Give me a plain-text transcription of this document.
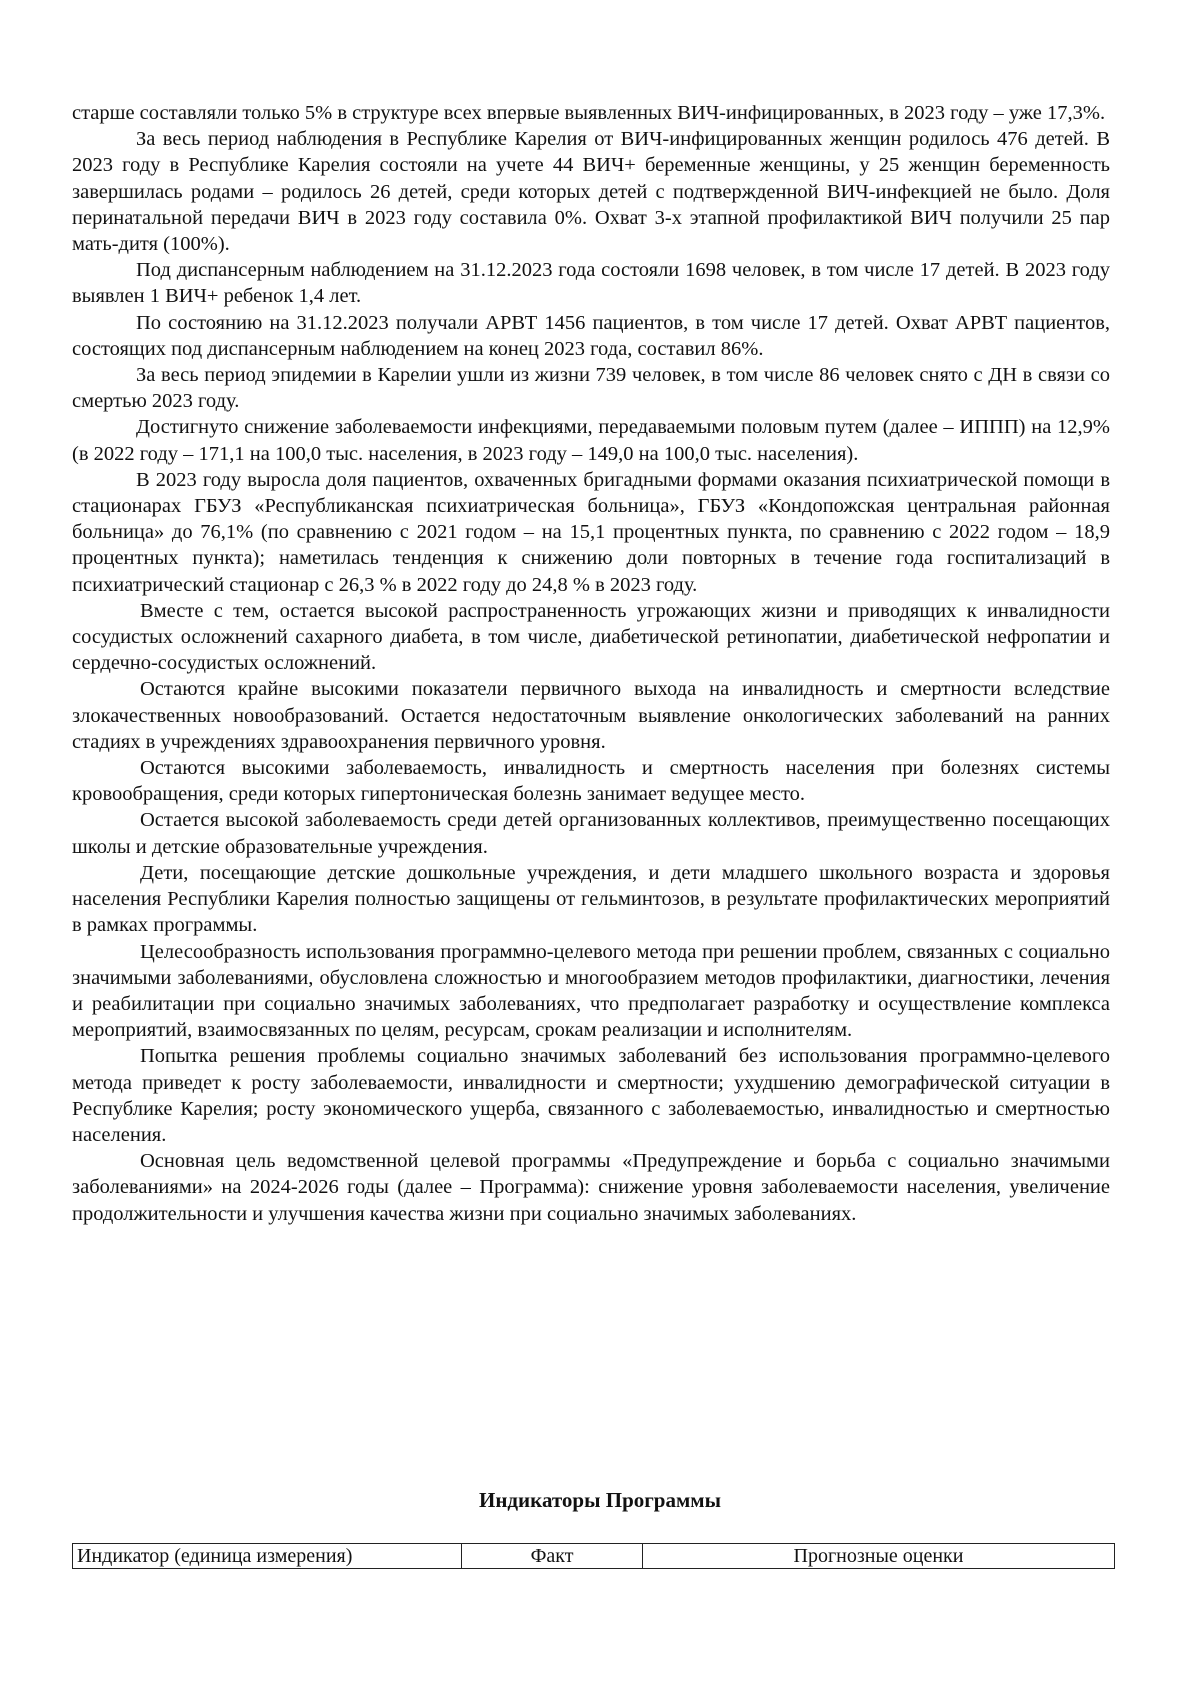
старше составляли только 5% в структуре всех впервые выявленных ВИЧ-инфицированных, в 2023 году – уже 17,3%.

За весь период наблюдения в Республике Карелия от ВИЧ-инфицированных женщин родилось 476 детей. В 2023 году в Республике Карелия состояли на учете 44 ВИЧ+ беременные женщины, у 25 женщин беременность завершилась родами – родилось 26 детей, среди которых детей с подтвержденной ВИЧ-инфекцией не было. Доля перинатальной передачи ВИЧ в 2023 году составила 0%. Охват 3-х этапной профилактикой ВИЧ получили 25 пар мать-дитя (100%).

Под диспансерным наблюдением на 31.12.2023 года состояли 1698 человек, в том числе 17 детей. В 2023 году выявлен 1 ВИЧ+ ребенок 1,4 лет.

По состоянию на 31.12.2023 получали АРВТ 1456 пациентов, в том числе 17 детей. Охват АРВТ пациентов, состоящих под диспансерным наблюдением на конец 2023 года, составил 86%.

За весь период эпидемии в Карелии ушли из жизни 739 человек, в том числе 86 человек снято с ДН в связи со смертью 2023 году.

Достигнуто снижение заболеваемости инфекциями, передаваемыми половым путем (далее – ИППП) на 12,9% (в 2022 году – 171,1 на 100,0 тыс. населения, в 2023 году – 149,0 на 100,0 тыс. населения).

В 2023 году выросла доля пациентов, охваченных бригадными формами оказания психиатрической помощи в стационарах ГБУЗ «Республиканская психиатрическая больница», ГБУЗ «Кондопожская центральная районная больница» до 76,1% (по сравнению с 2021 годом – на 15,1 процентных пункта, по сравнению с 2022 годом – 18,9 процентных пункта); наметилась тенденция к снижению доли повторных в течение года госпитализаций в психиатрический стационар с 26,3 % в 2022 году до 24,8 % в 2023 году.

Вместе с тем, остается высокой распространенность угрожающих жизни и приводящих к инвалидности сосудистых осложнений сахарного диабета, в том числе, диабетической ретинопатии, диабетической нефропатии и сердечно-сосудистых осложнений.

Остаются крайне высокими показатели первичного выхода на инвалидность и смертности вследствие злокачественных новообразований. Остается недостаточным выявление онкологических заболеваний на ранних стадиях в учреждениях здравоохранения первичного уровня.

Остаются высокими заболеваемость, инвалидность и смертность населения при болезнях системы кровообращения, среди которых гипертоническая болезнь занимает ведущее место.

Остается высокой заболеваемость среди детей организованных коллективов, преимущественно посещающих школы и детские образовательные учреждения.

Дети, посещающие детские дошкольные учреждения, и дети младшего школьного возраста и здоровья населения Республики Карелия полностью защищены от гельминтозов, в результате профилактических мероприятий в рамках программы.

Целесообразность использования программно-целевого метода при решении проблем, связанных с социально значимыми заболеваниями, обусловлена сложностью и многообразием методов профилактики, диагностики, лечения и реабилитации при социально значимых заболеваниях, что предполагает разработку и осуществление комплекса мероприятий, взаимосвязанных по целям, ресурсам, срокам реализации и исполнителям.

Попытка решения проблемы социально значимых заболеваний без использования программно-целевого метода приведет к росту заболеваемости, инвалидности и смертности; ухудшению демографической ситуации в Республике Карелия; росту экономического ущерба, связанного с заболеваемостью, инвалидностью и смертностью населения.

Основная цель ведомственной целевой программы «Предупреждение и борьба с социально значимыми заболеваниями» на 2024-2026 годы (далее – Программа): снижение уровня заболеваемости населения, увеличение продолжительности и улучшения качества жизни при социально значимых заболеваниях.

Индикаторы Программы
Индикатор (единица измерения)	Факт	Прогнозные оценки
